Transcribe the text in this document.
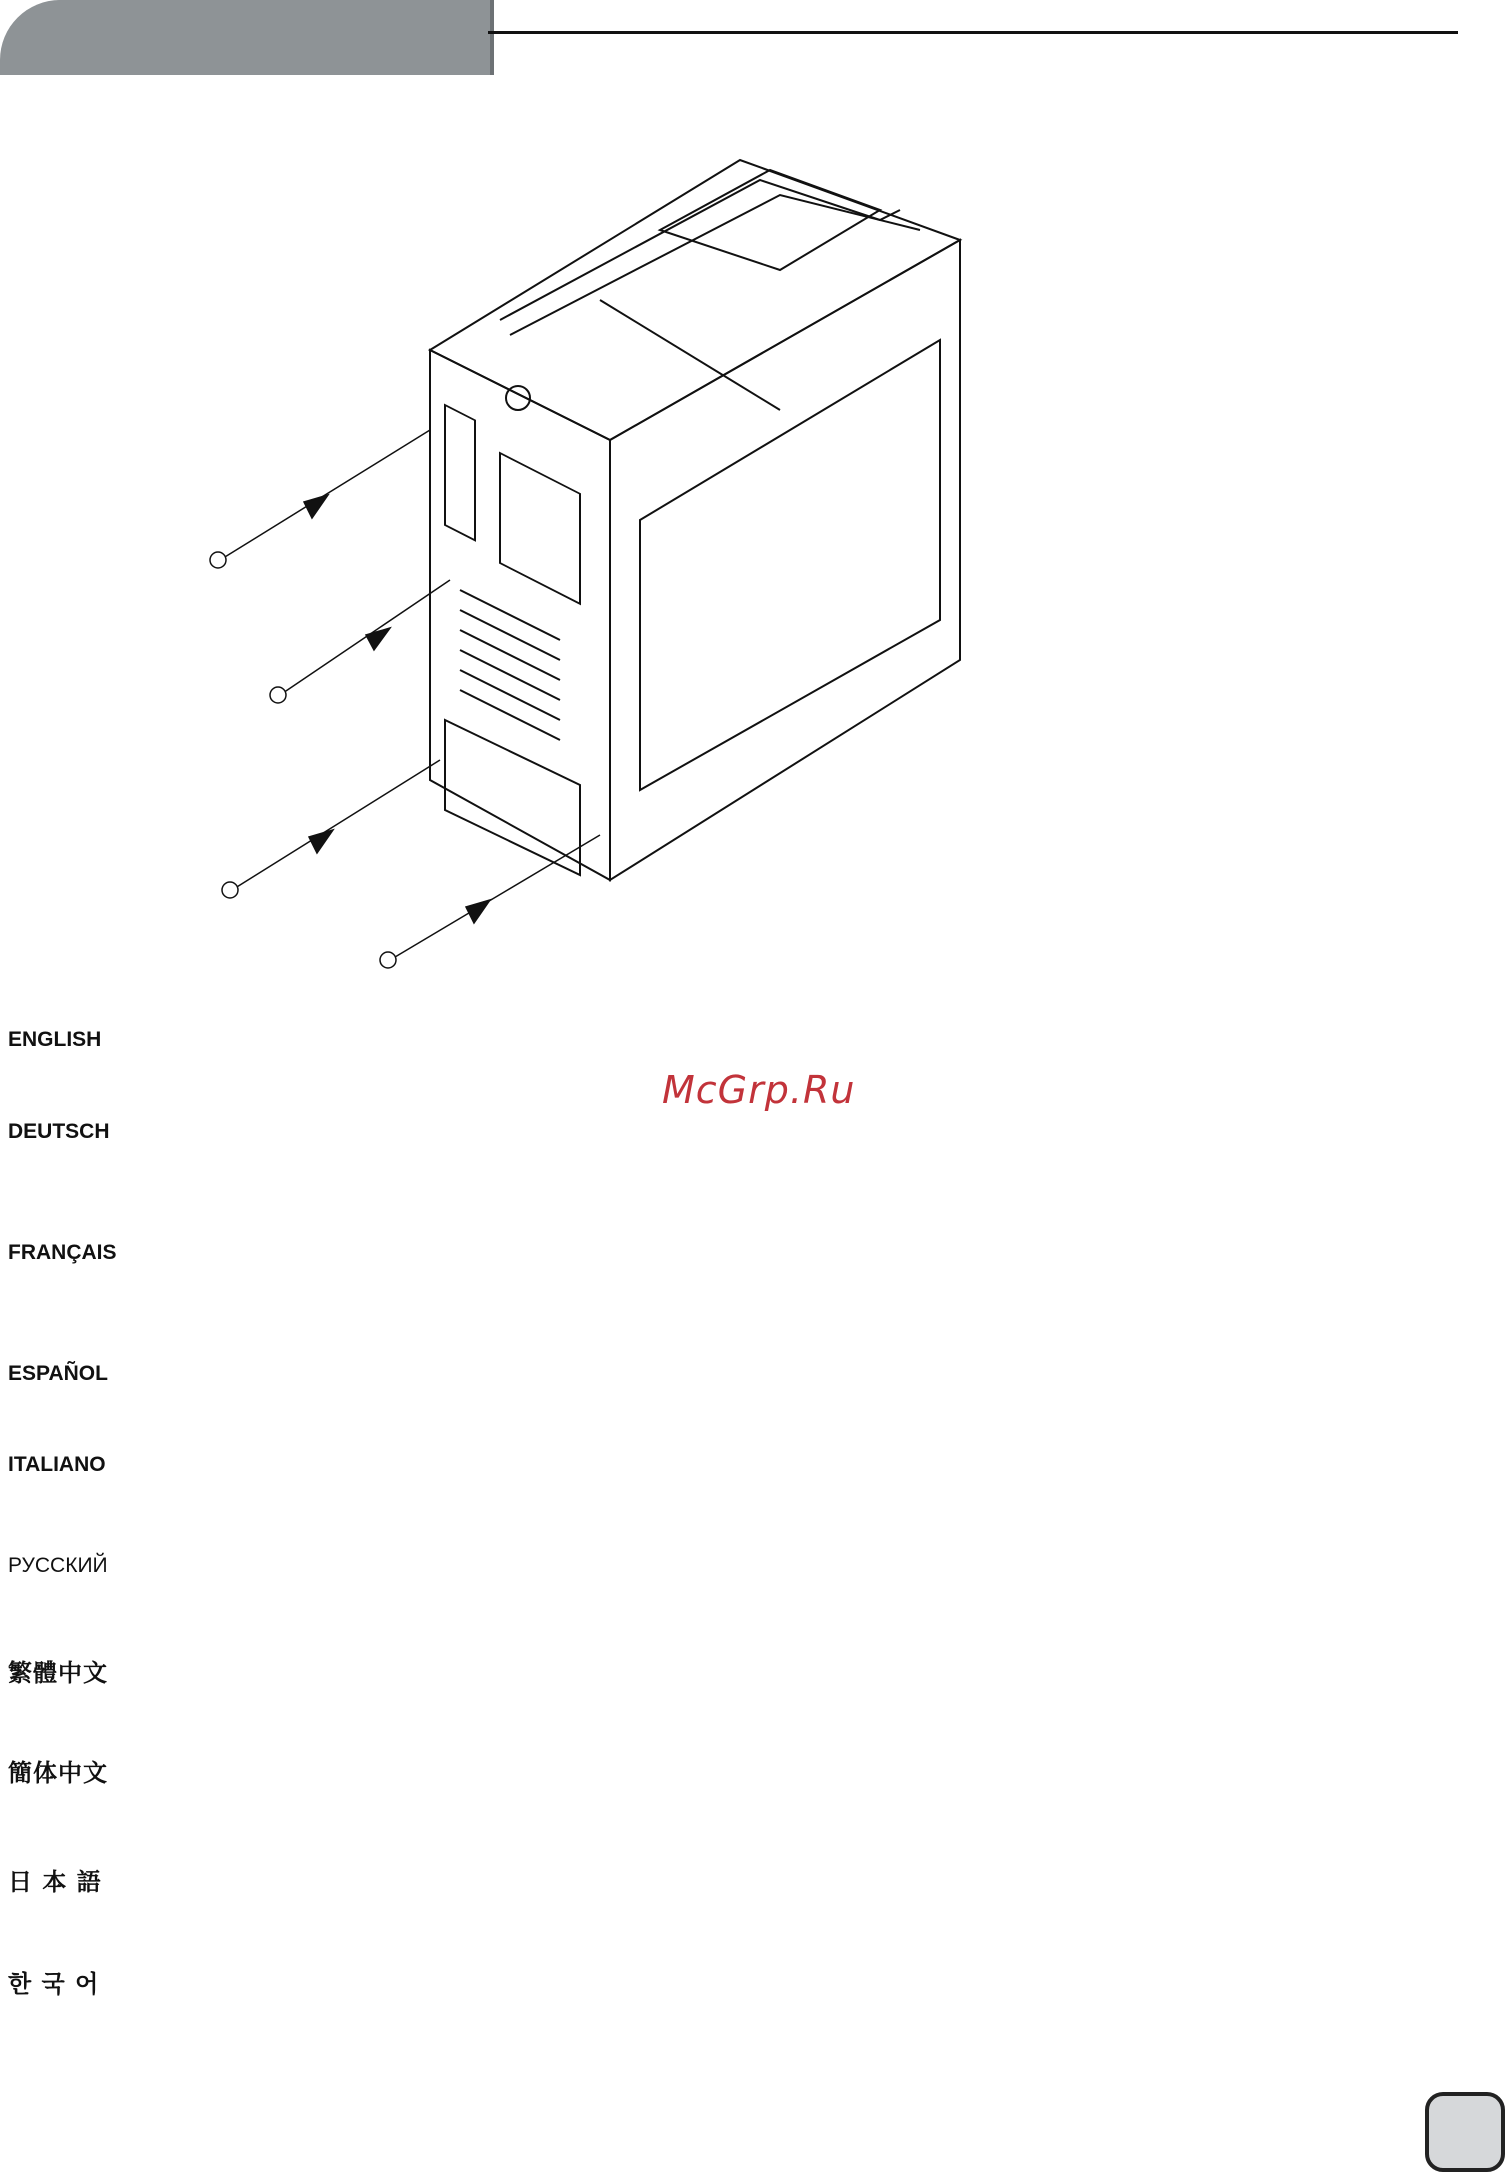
McGrp.Ru
ENGLISH
DEUTSCH
FRANÇAIS
ESPAÑOL
ITALIANO
РУССКИЙ
繁體中文
簡体中文
日 本 語
한 국 어
